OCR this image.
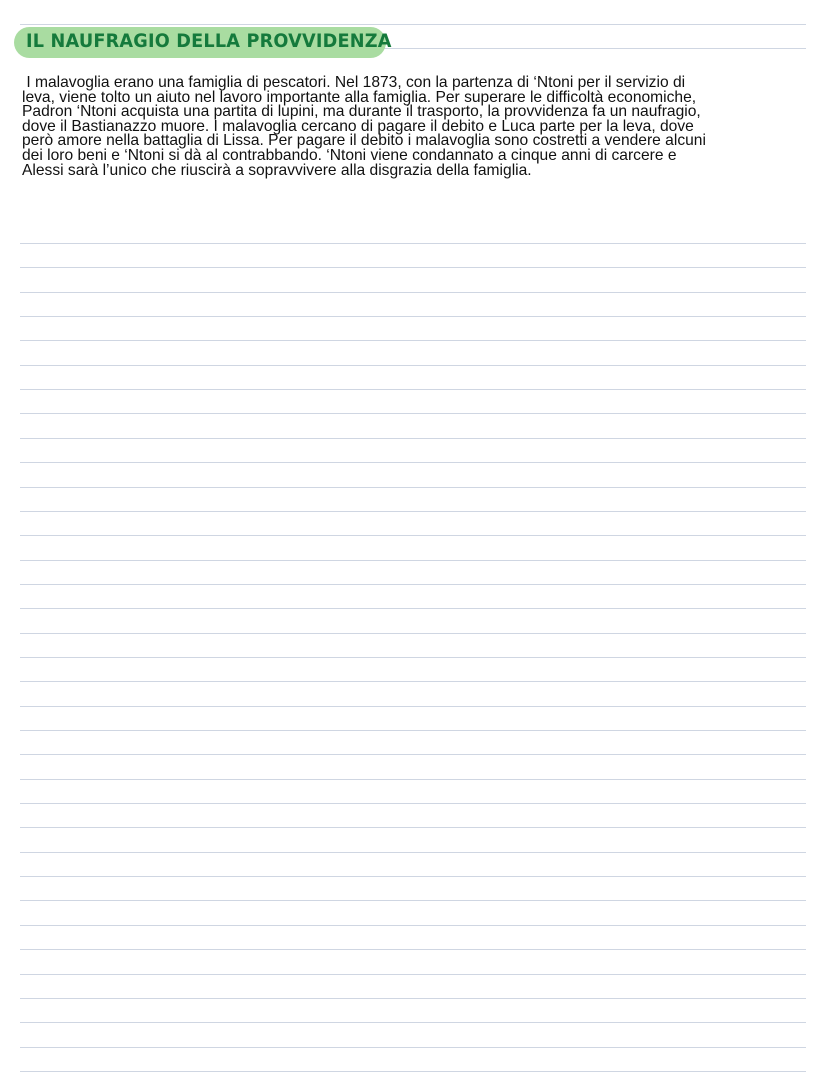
IL NAUFRAGIO DELLA PROVVIDENZA
I malavoglia erano una famiglia di pescatori. Nel 1873, con la partenza di ‘Ntoni per il servizio di
leva, viene tolto un aiuto nel lavoro importante alla famiglia. Per superare le difficoltà economiche,
Padron ‘Ntoni acquista una partita di lupini, ma durante il trasporto, la provvidenza fa un naufragio,
dove il Bastianazzo muore. I malavoglia cercano di pagare il debito e Luca parte per la leva, dove
però amore nella battaglia di Lissa. Per pagare il debito i malavoglia sono costretti a vendere alcuni
dei loro beni e ‘Ntoni si dà al contrabbando. ‘Ntoni viene condannato a cinque anni di carcere e
Alessi sarà l’unico che riuscirà a sopravvivere alla disgrazia della famiglia.
